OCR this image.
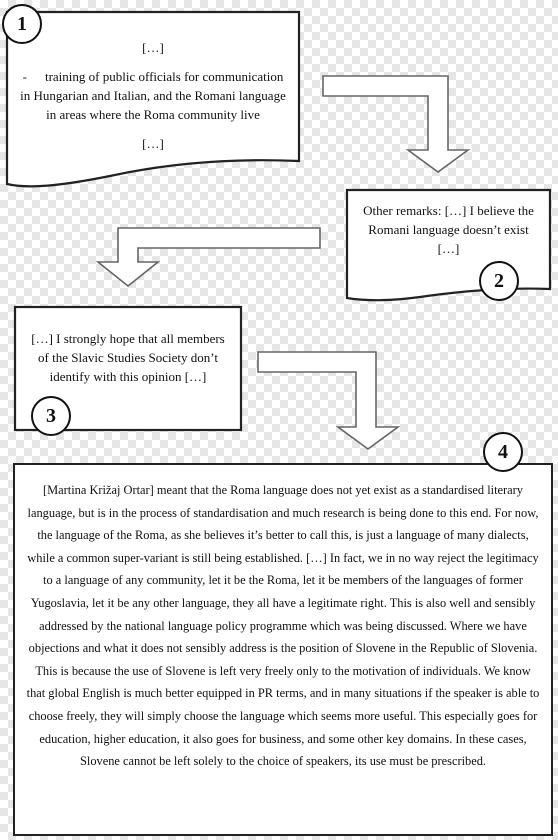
[…]
- training of public officials for communication in Hungarian and Italian, and the Romani language in areas where the Roma community live
[…]
Other remarks: […] I believe the Romani language doesn’t exist […]
[…] I strongly hope that all members of the Slavic Studies Society don’t identify with this opinion […]
[Martina Križaj Ortar] meant that the Roma language does not yet exist as a standardised literary language, but is in the process of standardisation and much research is being done to this end. For now, the language of the Roma, as she believes it’s better to call this, is just a language of many dialects, while a common super-variant is still being established. […] In fact, we in no way reject the legitimacy to a language of any community, let it be the Roma, let it be members of the languages of former Yugoslavia, let it be any other language, they all have a legitimate right. This is also well and sensibly addressed by the national language policy programme which was being discussed. Where we have objections and what it does not sensibly address is the position of Slovene in the Republic of Slovenia. This is because the use of Slovene is left very freely only to the motivation of individuals. We know that global English is much better equipped in PR terms, and in many situations if the speaker is able to choose freely, they will simply choose the language which seems more useful. This especially goes for education, higher education, it also goes for business, and some other key domains. In these cases, Slovene cannot be left solely to the choice of speakers, its use must be prescribed.
1
2
3
4
